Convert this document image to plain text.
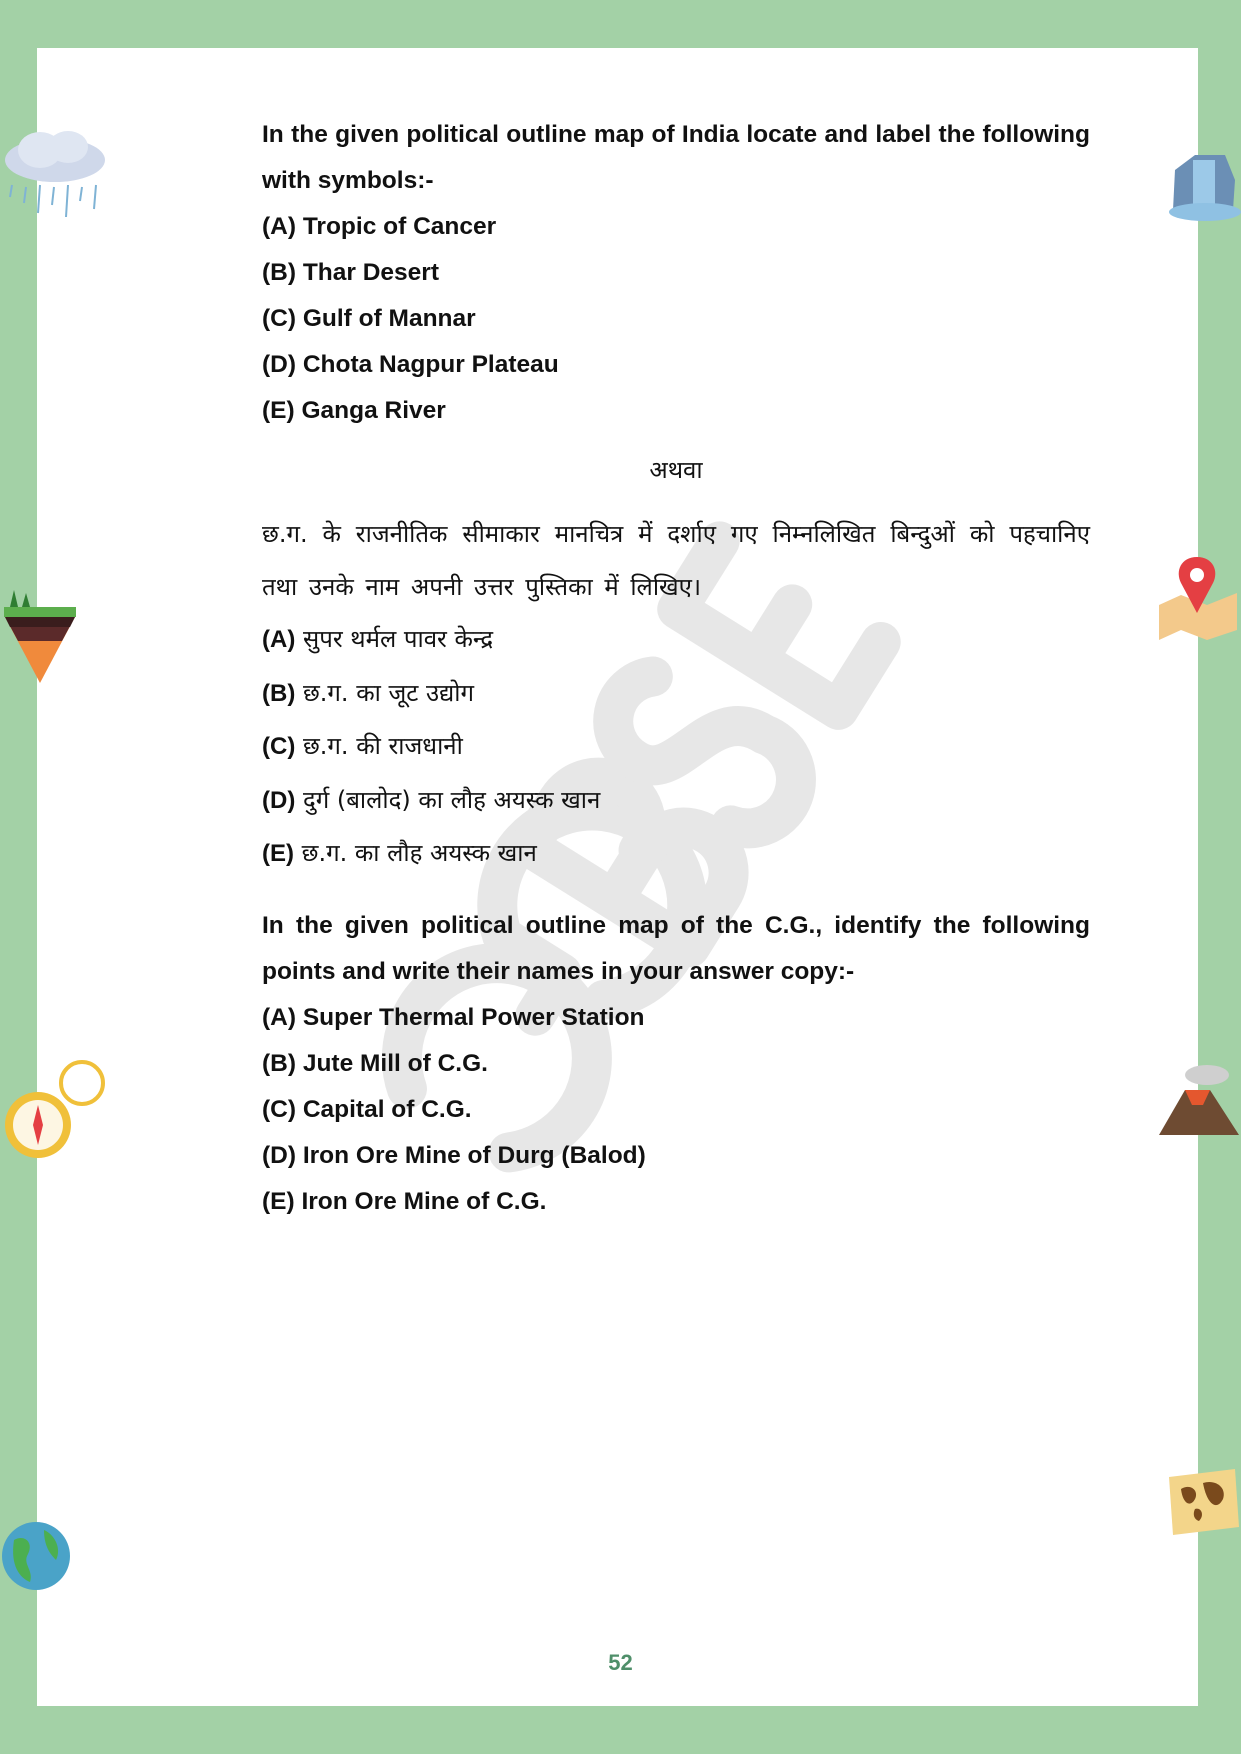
In the given political outline map of India locate and label the following with symbols:-

(A) Tropic of Cancer

(B) Thar Desert

(C) Gulf of Mannar

(D) Chota Nagpur Plateau

(E) Ganga River

अथवा

छ.ग. के राजनीतिक सीमाकार मानचित्र में दर्शाए गए निम्नलिखित बिन्दुओं को पहचानिए तथा उनके नाम अपनी उत्तर पुस्तिका में लिखिए।

(A) सुपर थर्मल पावर केन्द्र

(B) छ.ग. का जूट उद्योग

(C) छ.ग. की राजधानी

(D) दुर्ग (बालोद) का लौह अयस्क खान

(E) छ.ग. का लौह अयस्क खान

In the given political outline map of the C.G., identify the following points and write their names in your answer copy:-

(A) Super Thermal Power Station

(B) Jute Mill of C.G.

(C) Capital of C.G.

(D) Iron Ore Mine of Durg (Balod)

(E) Iron Ore Mine of C.G.

52
